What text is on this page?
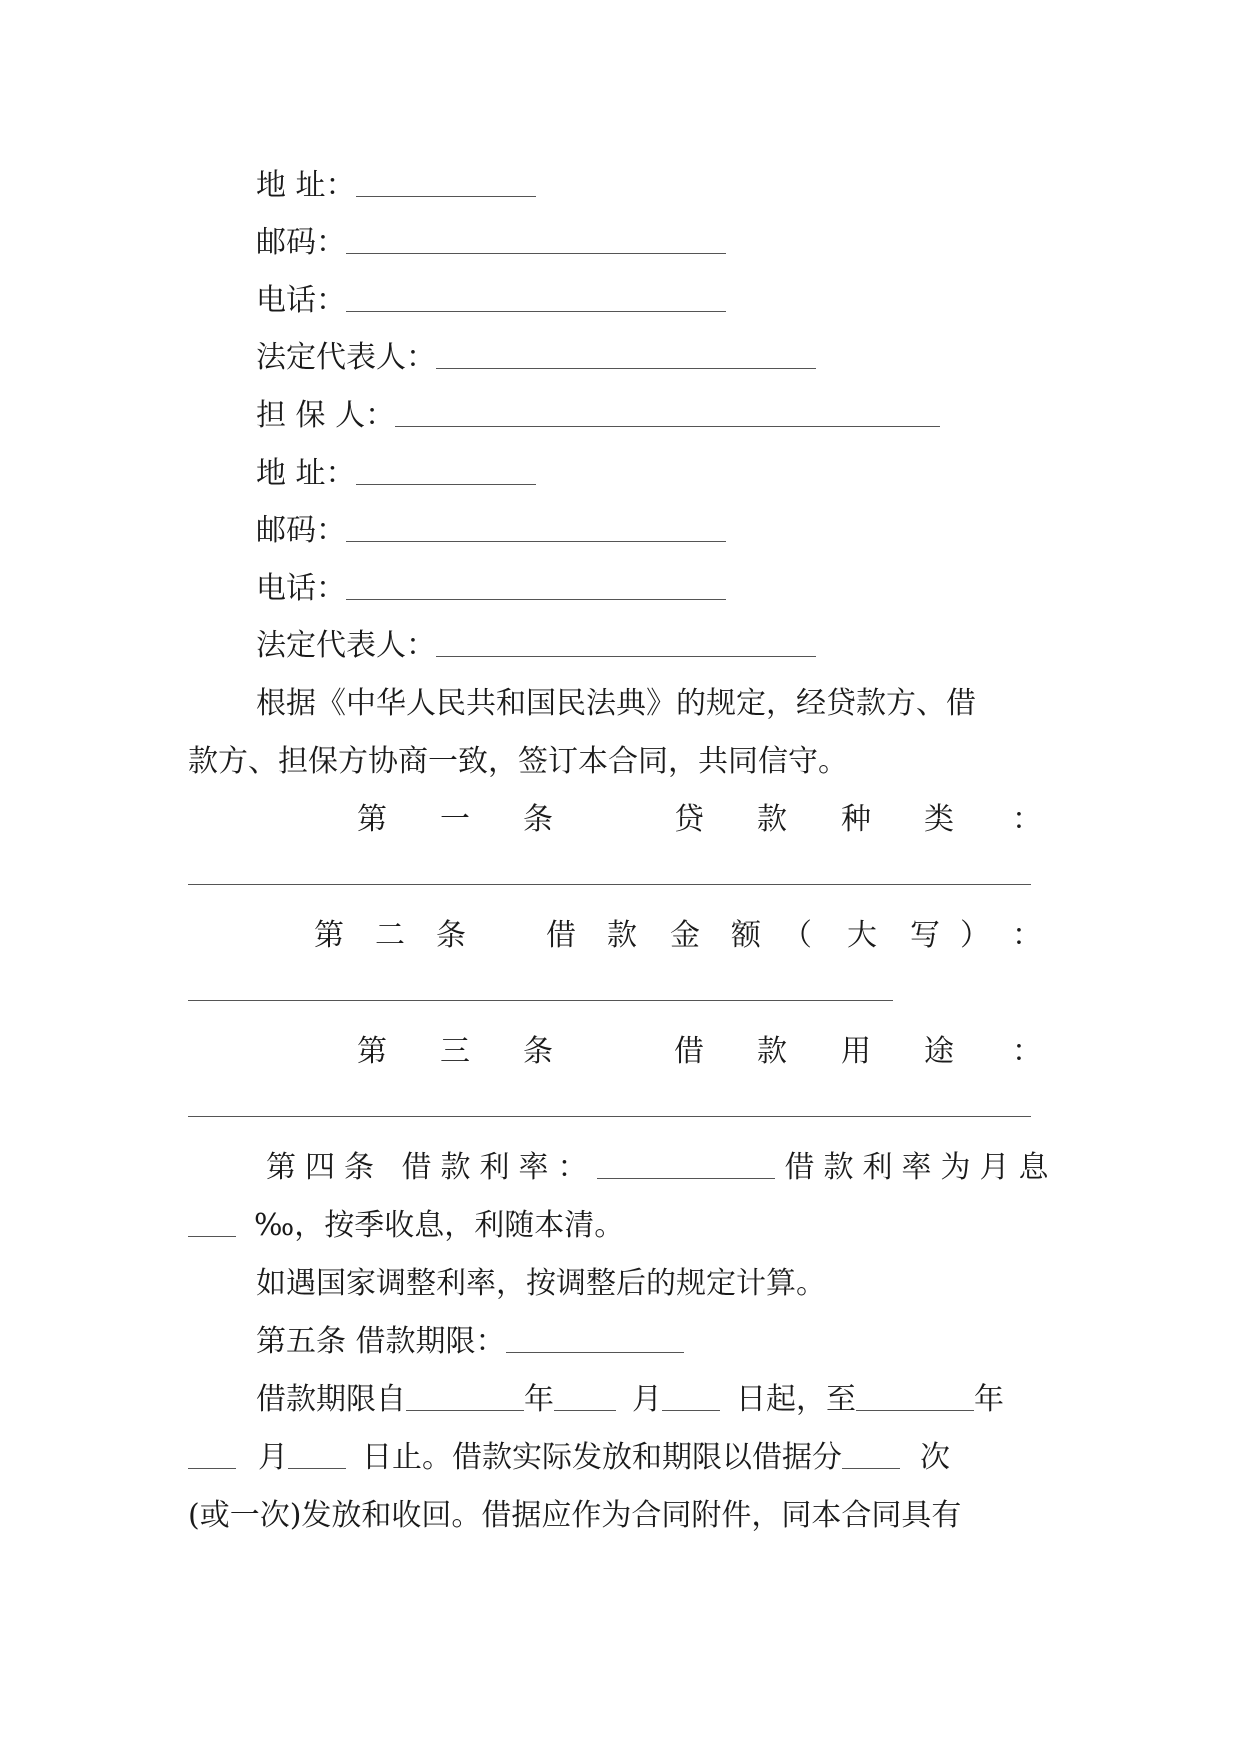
地 址：
邮码：
电话：
法定代表人：
担 保 人：
地 址：
邮码：
电话：
法定代表人：
根据《中华人民共和国民法典》的规定，经贷款方、借
款方、担保方协商一致，签订本合同，共同信守。
第 一 条	贷 款 种 类 ：
第 二 条	借 款 金 额 （ 大 写 ） ：
第 三 条	借 款 用 途 ：
第四条 借款利率：	借款利率为月息
‰，按季收息，利随本清。
如遇国家调整利率，按调整后的规定计算。
第五条 借款期限：
借款期限自	年	月 日起，至	年
月 日止。借款实际发放和期限以借据分	次
(或一次)发放和收回。借据应作为合同附件，同本合同具有
